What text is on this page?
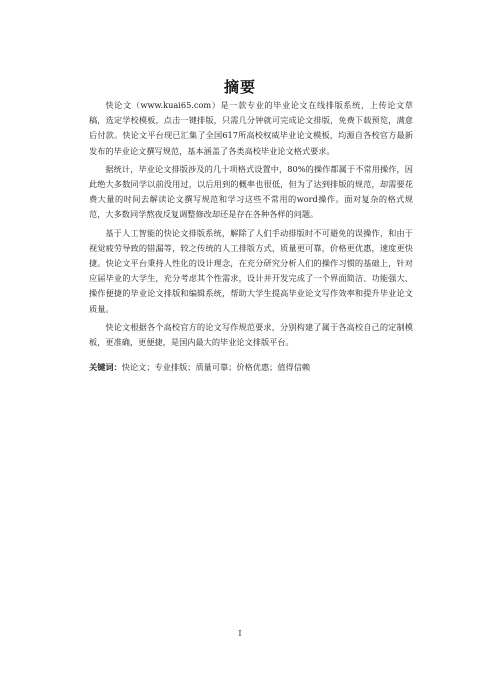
摘要

快论文（www.kuai65.com）是一款专业的毕业论文在线排版系统，上传论文草稿，选定学校模板，点击一键排版，只需几分钟就可完成论文排版，免费下载预览，满意后付款。快论文平台现已汇集了全国617所高校权威毕业论文模板，均源自各校官方最新发布的毕业论文撰写规范，基本涵盖了各类高校毕业论文格式要求。

据统计，毕业论文排版涉及的几十项格式设置中，80%的操作都属于不常用操作，因此绝大多数同学以前没用过，以后用到的概率也很低，但为了达到排版的规范，却需要花费大量的时间去解读论文撰写规范和学习这些不常用的word操作。面对复杂的格式规范，大多数同学熬夜反复调整修改却还是存在各种各样的问题。

基于人工智能的快论文排版系统，解除了人们手动排版时不可避免的误操作，和由于视觉疲劳导致的错漏等，较之传统的人工排版方式，质量更可靠，价格更优惠，速度更快捷。快论文平台秉持人性化的设计理念，在充分研究分析人们的操作习惯的基础上，针对应届毕业的大学生，充分考虑其个性需求，设计并开发完成了一个界面简洁、功能强大、操作便捷的毕业论文排版和编辑系统，帮助大学生提高毕业论文写作效率和提升毕业论文质量。

快论文根据各个高校官方的论文写作规范要求，分别构建了属于各高校自己的定制模板，更准确，更便捷，是国内最大的毕业论文排版平台。

关键词：快论文；专业排版；质量可靠；价格优惠；值得信赖
I
